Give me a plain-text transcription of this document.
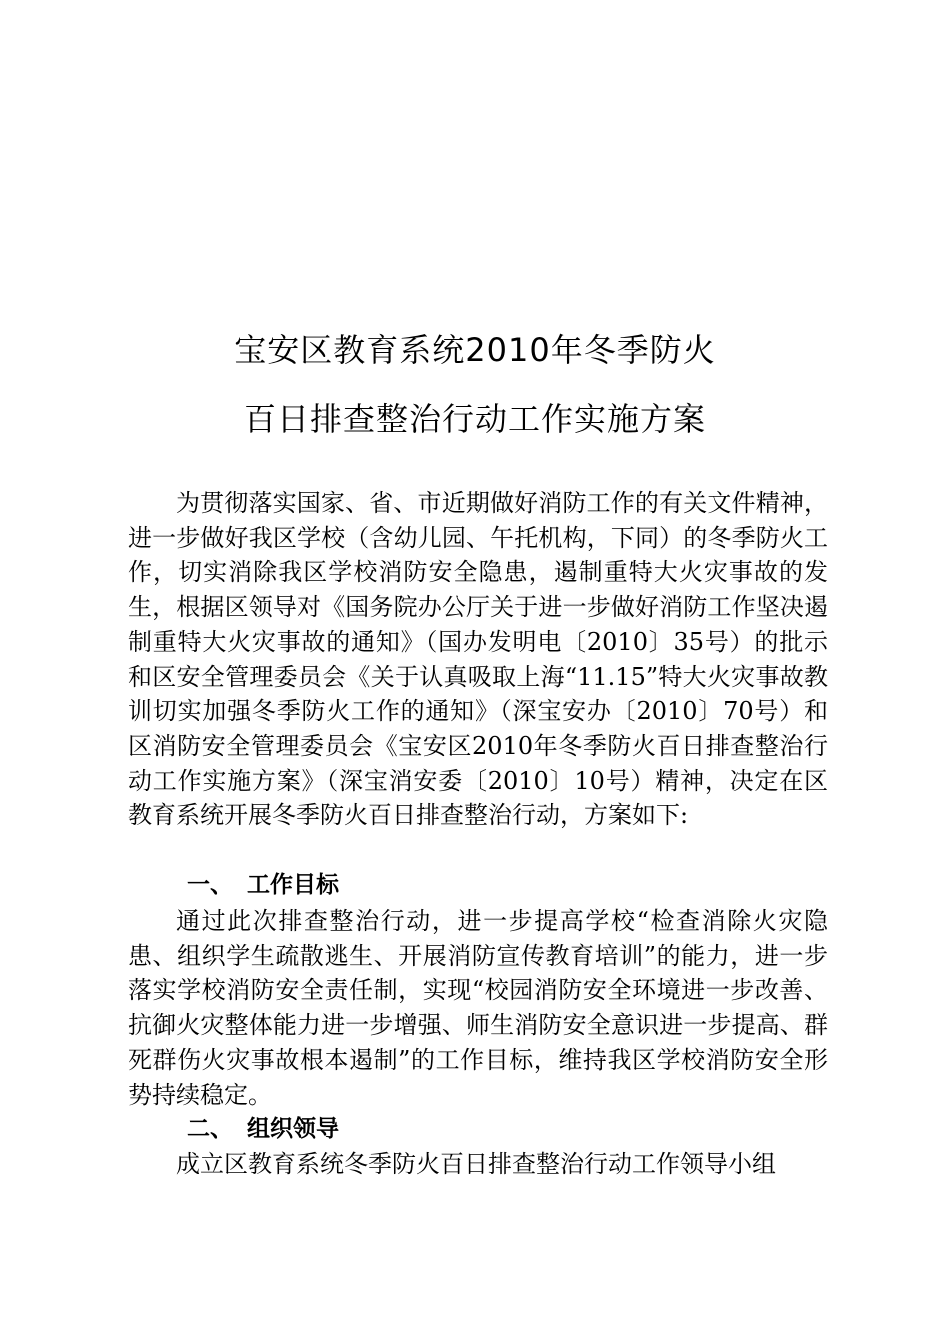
宝安区教育系统2010年冬季防火
百日排查整治行动工作实施方案

为贯彻落实国家、省、市近期做好消防工作的有关文件精神，进一步做好我区学校（含幼儿园、午托机构，下同）的冬季防火工作，切实消除我区学校消防安全隐患，遏制重特大火灾事故的发生，根据区领导对《国务院办公厅关于进一步做好消防工作坚决遏制重特大火灾事故的通知》（国办发明电〔2010〕35号）的批示和区安全管理委员会《关于认真吸取上海“11.15”特大火灾事故教训切实加强冬季防火工作的通知》（深宝安办〔2010〕70号）和区消防安全管理委员会《宝安区2010年冬季防火百日排查整治行动工作实施方案》（深宝消安委〔2010〕10号）精神，决定在区教育系统开展冬季防火百日排查整治行动，方案如下:

一、 工作目标

通过此次排查整治行动，进一步提高学校“检查消除火灾隐患、组织学生疏散逃生、开展消防宣传教育培训”的能力，进一步落实学校消防安全责任制，实现“校园消防安全环境进一步改善、抗御火灾整体能力进一步增强、师生消防安全意识进一步提高、群死群伤火灾事故根本遏制”的工作目标，维持我区学校消防安全形势持续稳定。

二、 组织领导

成立区教育系统冬季防火百日排查整治行动工作领导小组
